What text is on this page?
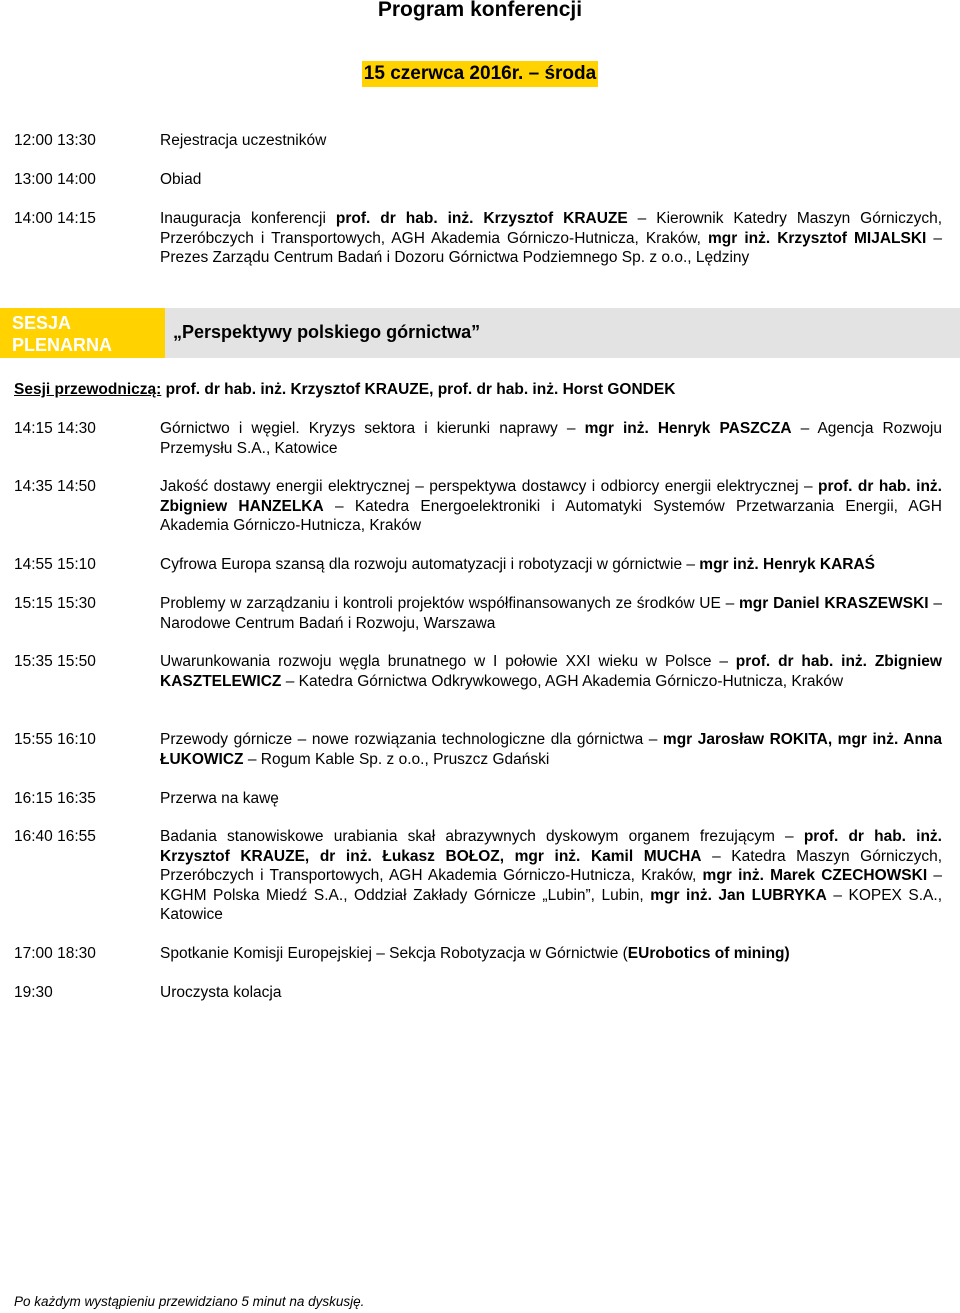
Program konferencji
15 czerwca 2016r. – środa
12:00 13:30	Rejestracja uczestników
13:00 14:00	Obiad
14:00 14:15	Inauguracja konferencji prof. dr hab. inż. Krzysztof KRAUZE – Kierownik Katedry Maszyn Górniczych, Przeróbczych i Transportowych, AGH Akademia Górniczo-Hutnicza, Kraków, mgr inż. Krzysztof MIJALSKI – Prezes Zarządu Centrum Badań i Dozoru Górnictwa Podziemnego Sp. z o.o., Lędziny

SESJA
PLENARNA
„Perspektywy polskiego górnictwa”
Sesji przewodniczą: prof. dr hab. inż. Krzysztof KRAUZE, prof. dr hab. inż. Horst GONDEK
14:15 14:30	Górnictwo i węgiel. Kryzys sektora i kierunki naprawy – mgr inż. Henryk PASZCZA – Agencja Rozwoju Przemysłu S.A., Katowice

14:35 14:50	Jakość dostawy energii elektrycznej – perspektywa dostawcy i odbiorcy energii elektrycznej – prof. dr hab. inż. Zbigniew HANZELKA – Katedra Energoelektroniki i Automatyki Systemów Przetwarzania Energii, AGH Akademia Górniczo-Hutnicza, Kraków

14:55 15:10	Cyfrowa Europa szansą dla rozwoju automatyzacji i robotyzacji w górnictwie – mgr inż. Henryk KARAŚ

15:15 15:30	Problemy w zarządzaniu i kontroli projektów współfinansowanych ze środków UE – mgr Daniel KRASZEWSKI – Narodowe Centrum Badań i Rozwoju, Warszawa

15:35 15:50	Uwarunkowania rozwoju węgla brunatnego w I połowie XXI wieku w Polsce – prof. dr hab. inż. Zbigniew KASZTELEWICZ – Katedra Górnictwa Odkrywkowego, AGH Akademia Górniczo-Hutnicza, Kraków

15:55 16:10	Przewody górnicze – nowe rozwiązania technologiczne dla górnictwa – mgr Jarosław ROKITA, mgr inż. Anna ŁUKOWICZ – Rogum Kable Sp. z o.o., Pruszcz Gdański

16:15 16:35	Przerwa na kawę
16:40 16:55	Badania stanowiskowe urabiania skał abrazywnych dyskowym organem frezującym – prof. dr hab. inż. Krzysztof KRAUZE, dr inż. Łukasz BOŁOZ, mgr inż. Kamil MUCHA – Katedra Maszyn Górniczych, Przeróbczych i Transportowych, AGH Akademia Górniczo-Hutnicza, Kraków, mgr inż. Marek CZECHOWSKI – KGHM Polska Miedź S.A., Oddział Zakłady Górnicze „Lubin”, Lubin, mgr inż. Jan LUBRYKA – KOPEX S.A., Katowice

17:00 18:30	Spotkanie Komisji Europejskiej – Sekcja Robotyzacja w Górnictwie (EUrobotics of mining)

19:30	Uroczysta kolacja
Po każdym wystąpieniu przewidziano 5 minut na dyskusję.
